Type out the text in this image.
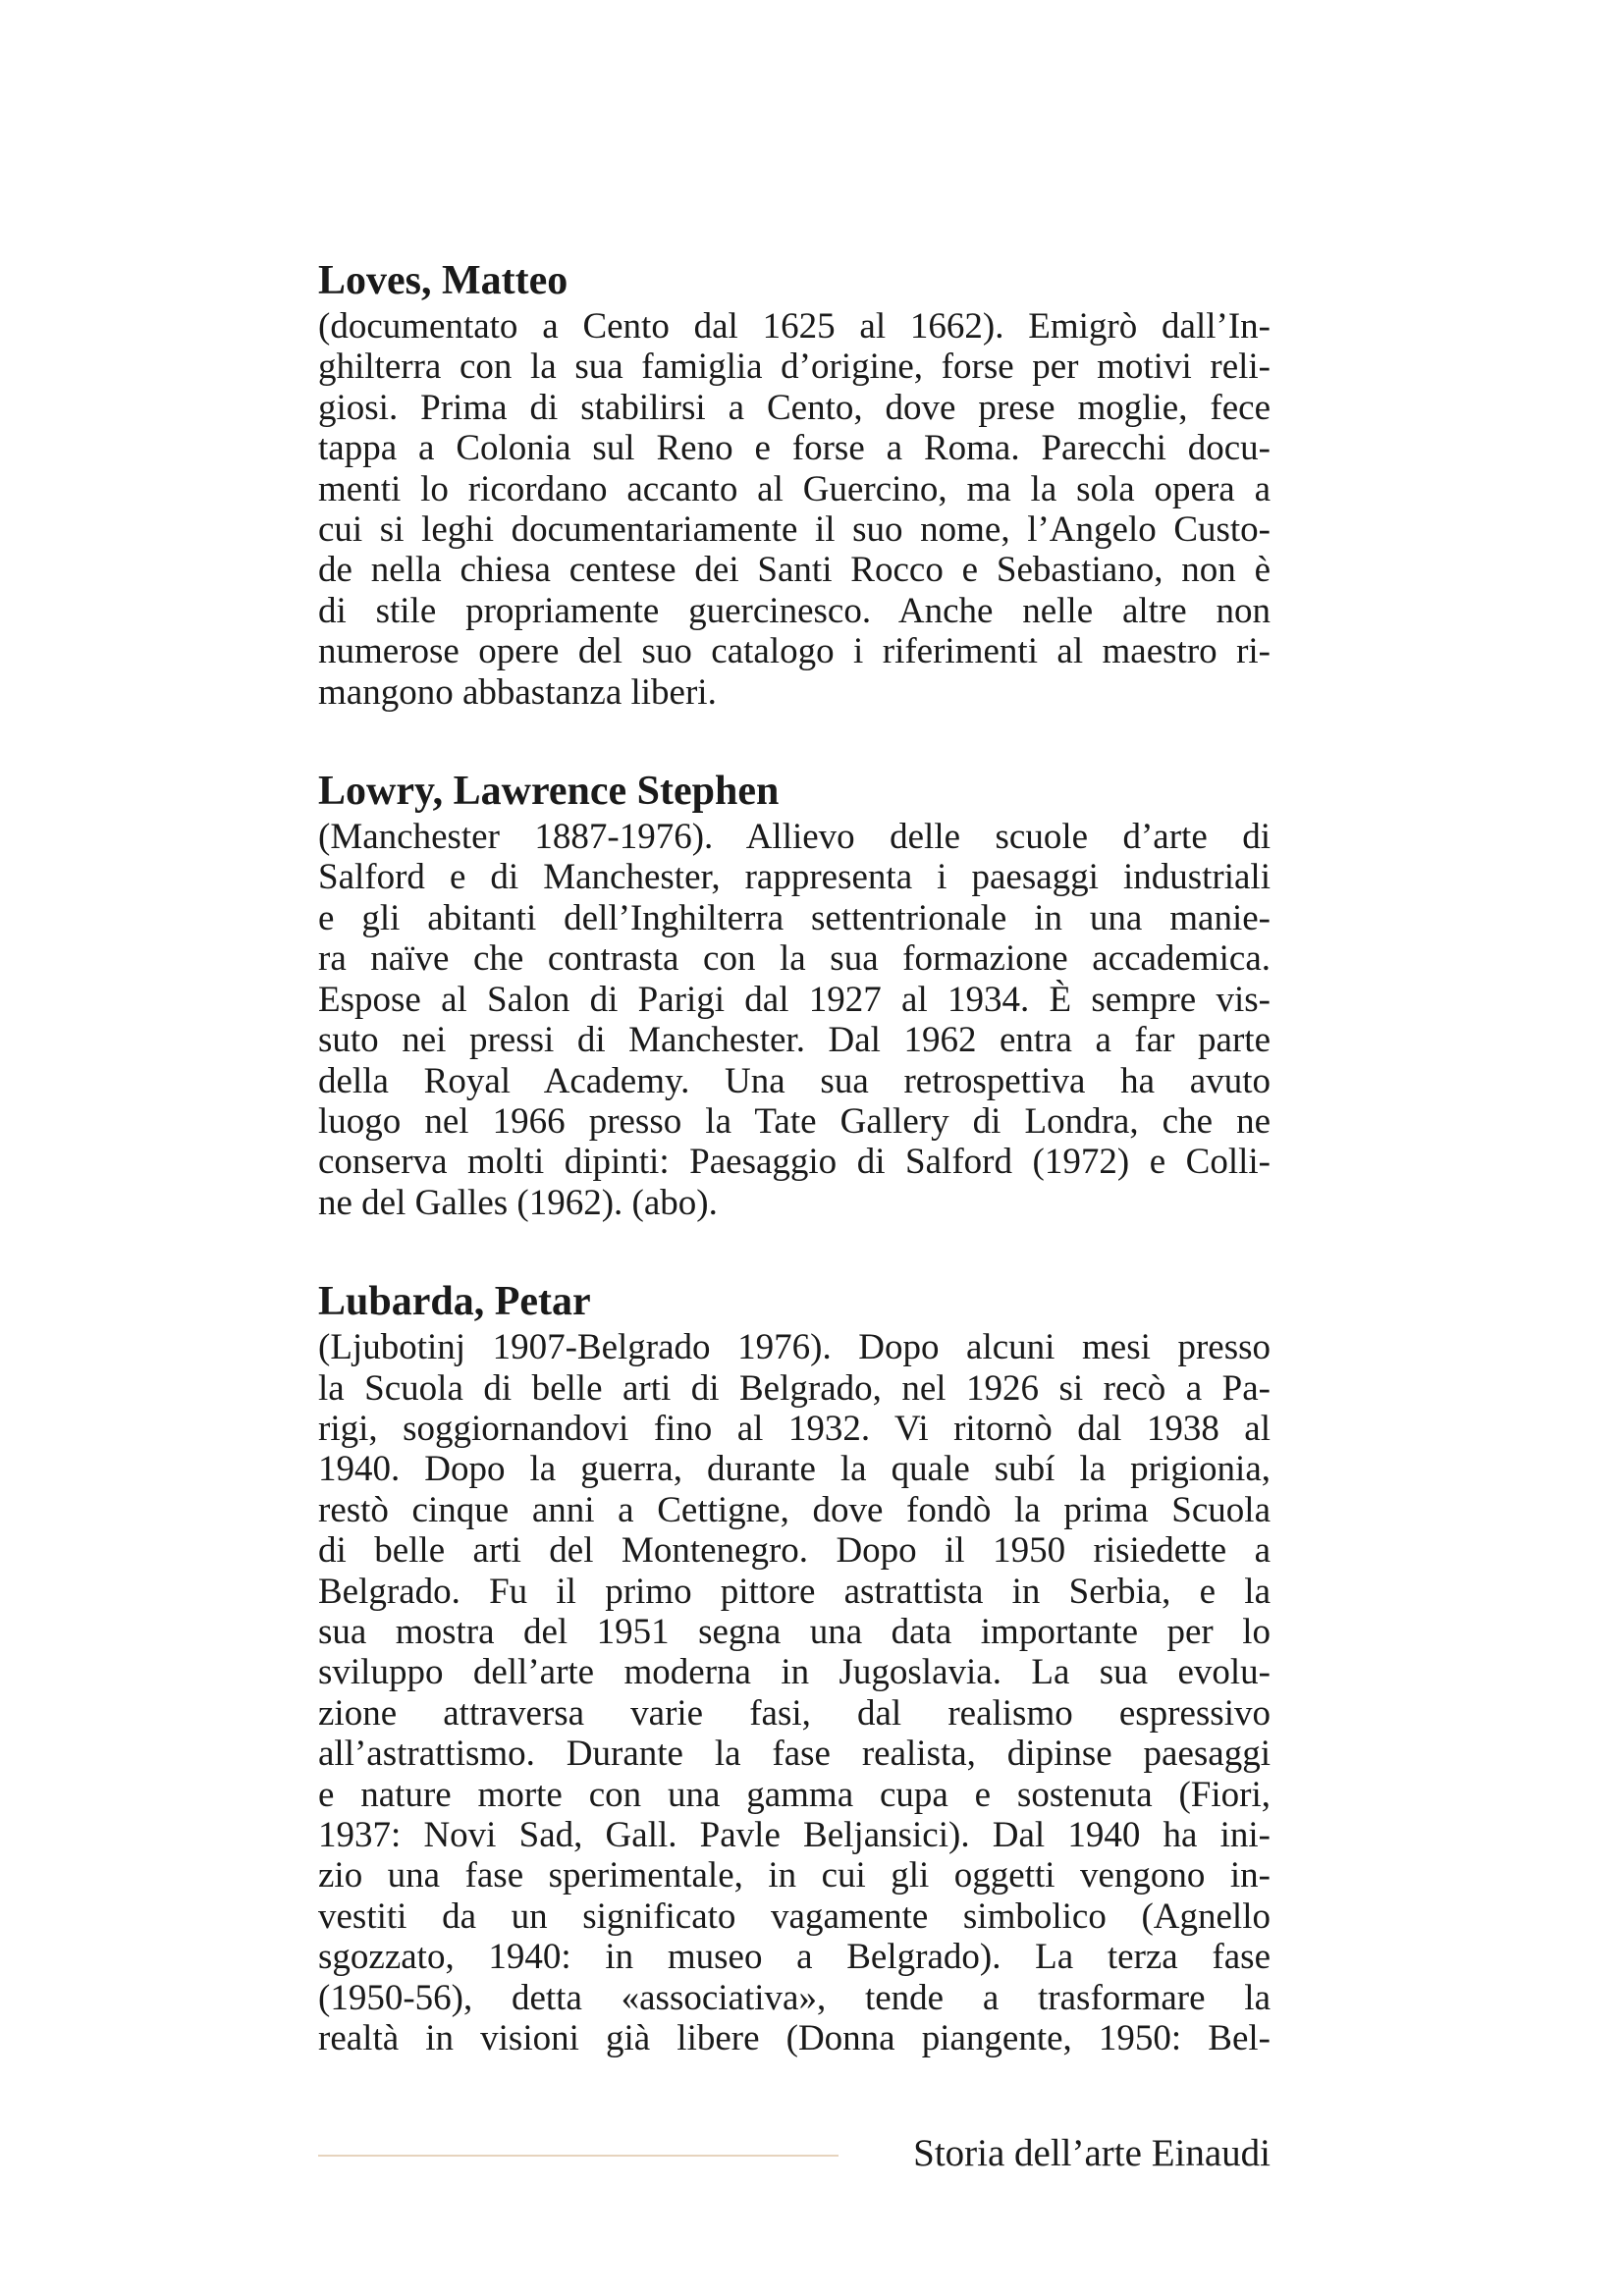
Loves, Matteo
(documentato a Cento dal 1625 al 1662). Emigrò dall’In-
ghilterra con la sua famiglia d’origine, forse per motivi reli-
giosi. Prima di stabilirsi a Cento, dove prese moglie, fece
tappa a Colonia sul Reno e forse a Roma. Parecchi docu-
menti lo ricordano accanto al Guercino, ma la sola opera a
cui si leghi documentariamente il suo nome, l’Angelo Custo-
de nella chiesa centese dei Santi Rocco e Sebastiano, non è
di stile propriamente guercinesco. Anche nelle altre non
numerose opere del suo catalogo i riferimenti al maestro ri-
mangono abbastanza liberi.
Lowry, Lawrence Stephen
(Manchester 1887-1976). Allievo delle scuole d’arte di
Salford e di Manchester, rappresenta i paesaggi industriali
e gli abitanti dell’Inghilterra settentrionale in una manie-
ra naïve che contrasta con la sua formazione accademica.
Espose al Salon di Parigi dal 1927 al 1934. È sempre vis-
suto nei pressi di Manchester. Dal 1962 entra a far parte
della Royal Academy. Una sua retrospettiva ha avuto
luogo nel 1966 presso la Tate Gallery di Londra, che ne
conserva molti dipinti: Paesaggio di Salford (1972) e Colli-
ne del Galles (1962). (abo).
Lubarda, Petar
(Ljubotinj 1907-Belgrado 1976). Dopo alcuni mesi presso
la Scuola di belle arti di Belgrado, nel 1926 si recò a Pa-
rigi, soggiornandovi fino al 1932. Vi ritornò dal 1938 al
1940. Dopo la guerra, durante la quale subí la prigionia,
restò cinque anni a Cettigne, dove fondò la prima Scuola
di belle arti del Montenegro. Dopo il 1950 risiedette a
Belgrado. Fu il primo pittore astrattista in Serbia, e la
sua mostra del 1951 segna una data importante per lo
sviluppo dell’arte moderna in Jugoslavia. La sua evolu-
zione attraversa varie fasi, dal realismo espressivo
all’astrattismo. Durante la fase realista, dipinse paesaggi
e nature morte con una gamma cupa e sostenuta (Fiori,
1937: Novi Sad, Gall. Pavle Beljansici). Dal 1940 ha ini-
zio una fase sperimentale, in cui gli oggetti vengono in-
vestiti da un significato vagamente simbolico (Agnello
sgozzato, 1940: in museo a Belgrado). La terza fase
(1950-56), detta «associativa», tende a trasformare la
realtà in visioni già libere (Donna piangente, 1950: Bel-
Storia dell’arte Einaudi
